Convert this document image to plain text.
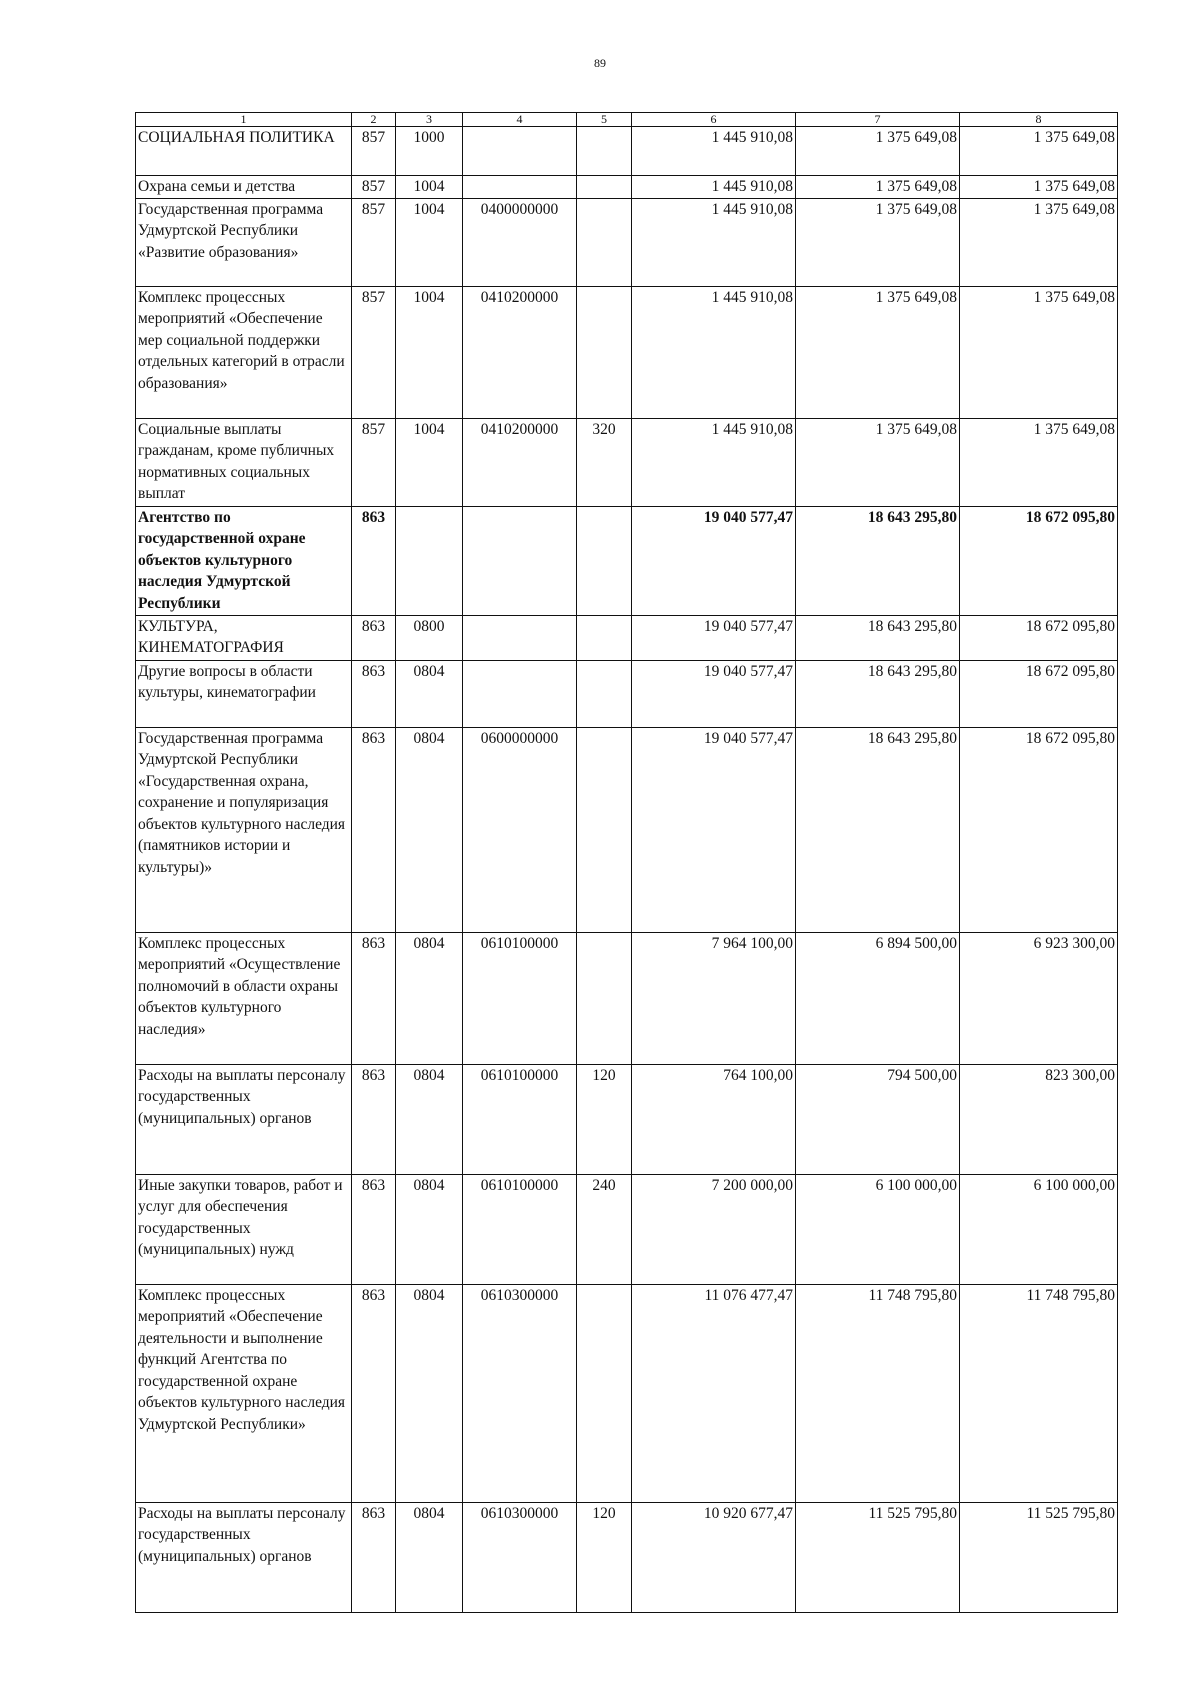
89
1	2	3	4	5	6	7	8
СОЦИАЛЬНАЯ ПОЛИТИКА	857	1000			1 445 910,08	1 375 649,08	1 375 649,08
Охрана семьи и детства	857	1004			1 445 910,08	1 375 649,08	1 375 649,08
Государственная программа Удмуртской Республики «Развитие образования»	857	1004	0400000000		1 445 910,08	1 375 649,08	1 375 649,08
Комплекс процессных мероприятий «Обеспечение мер социальной поддержки отдельных категорий в отрасли образования»	857	1004	0410200000		1 445 910,08	1 375 649,08	1 375 649,08
Социальные выплаты гражданам, кроме публичных нормативных социальных выплат	857	1004	0410200000	320	1 445 910,08	1 375 649,08	1 375 649,08
Агентство по государственной охране объектов культурного наследия Удмуртской Республики	863				19 040 577,47	18 643 295,80	18 672 095,80
КУЛЬТУРА, КИНЕМАТОГРАФИЯ	863	0800			19 040 577,47	18 643 295,80	18 672 095,80
Другие вопросы в области культуры, кинематографии	863	0804			19 040 577,47	18 643 295,80	18 672 095,80
Государственная программа Удмуртской Республики «Государственная охрана, сохранение и популяризация объектов культурного наследия (памятников истории и культуры)»	863	0804	0600000000		19 040 577,47	18 643 295,80	18 672 095,80
Комплекс процессных мероприятий «Осуществление полномочий в области охраны объектов культурного наследия»	863	0804	0610100000		7 964 100,00	6 894 500,00	6 923 300,00
Расходы на выплаты персоналу государственных (муниципальных) органов	863	0804	0610100000	120	764 100,00	794 500,00	823 300,00
Иные закупки товаров, работ и услуг для обеспечения государственных (муниципальных) нужд	863	0804	0610100000	240	7 200 000,00	6 100 000,00	6 100 000,00
Комплекс процессных мероприятий «Обеспечение деятельности и выполнение функций Агентства по государственной охране объектов культурного наследия Удмуртской Республики»	863	0804	0610300000		11 076 477,47	11 748 795,80	11 748 795,80
Расходы на выплаты персоналу государственных (муниципальных) органов	863	0804	0610300000	120	10 920 677,47	11 525 795,80	11 525 795,80
